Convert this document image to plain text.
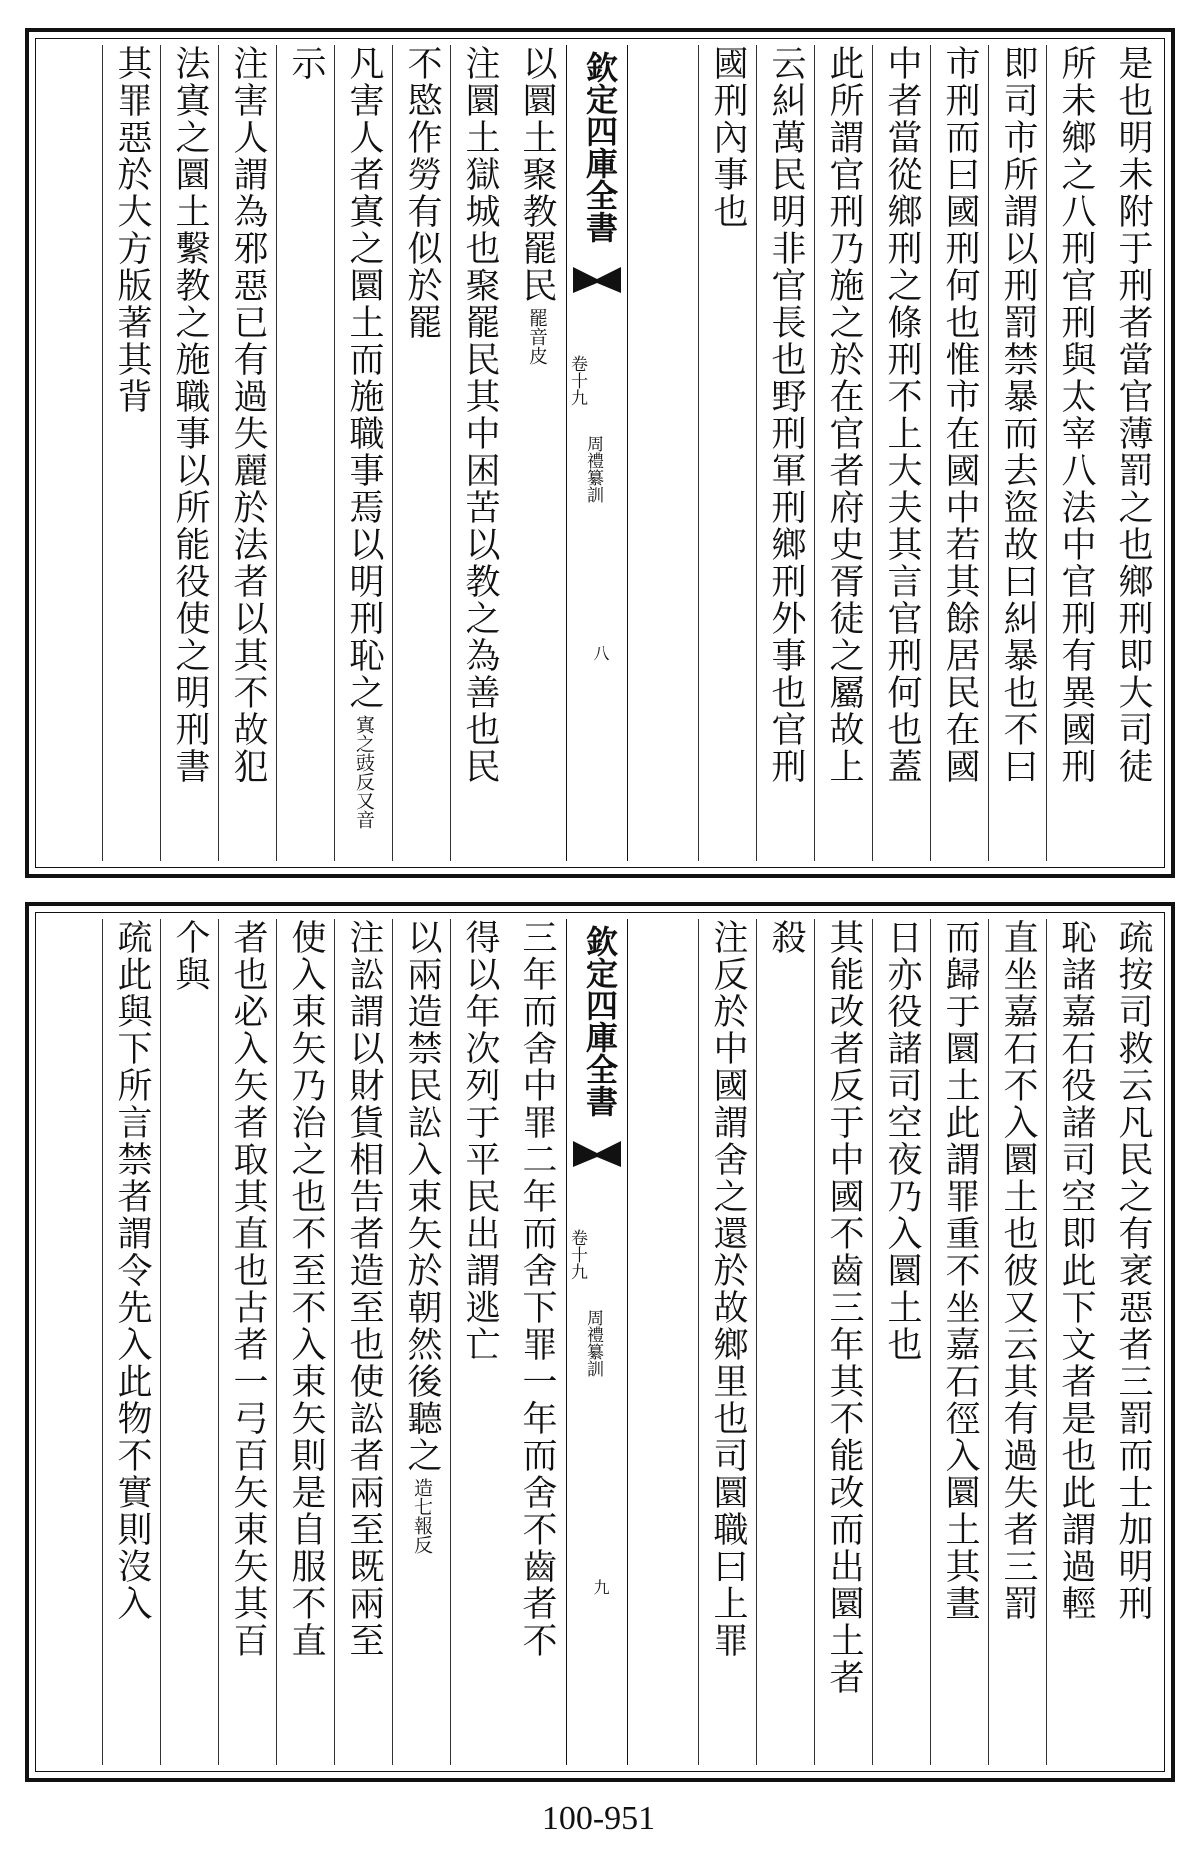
欽定四庫全書
周禮纂訓
卷十九
八	是也明未附于刑者當官薄罰之也鄉刑即大司徒
所未鄉之八刑官刑與太宰八法中官刑有異國刑
即司市所謂以刑罰禁暴而去盜故曰糾暴也不曰
市刑而曰國刑何也惟市在國中若其餘居民在國
中者當從鄉刑之條刑不上大夫其言官刑何也蓋
此所謂官刑乃施之於在官者府史胥徒之屬故上
云糾萬民明非官長也野刑軍刑鄉刑外事也官刑
國刑內事也
以圜土聚教罷民
罷音皮
注圜土獄城也聚罷民其中困苦以教之為善也民
不愍作勞有似於罷
凡害人者寘之圜土而施職事焉以明刑恥之
寘之豉反又音
示
注害人謂為邪惡已有過失麗於法者以其不故犯
法寘之圜土繫教之施職事以所能役使之明刑書
其罪惡於大方版著其背
欽定四庫全書
周禮纂訓
卷十九
九	疏按司救云凡民之有衺惡者三罰而士加明刑
恥諸嘉石役諸司空即此下文者是也此謂過輕
直坐嘉石不入圜土也彼又云其有過失者三罰
而歸于圜土此謂罪重不坐嘉石徑入圜土其晝
日亦役諸司空夜乃入圜土也
其能改者反于中國不齒三年其不能改而出圜土者
殺
注反於中國謂舍之還於故鄉里也司圜職曰上罪
三年而舍中罪二年而舍下罪一年而舍不齒者不
得以年次列于平民出謂逃亡
以兩造禁民訟入束矢於朝然後聽之
造七報反
注訟謂以財貨相告者造至也使訟者兩至既兩至
使入束矢乃治之也不至不入束矢則是自服不直
者也必入矢者取其直也古者一弓百矢束矢其百
个與
疏此與下所言禁者謂令先入此物不實則沒入
100-951
